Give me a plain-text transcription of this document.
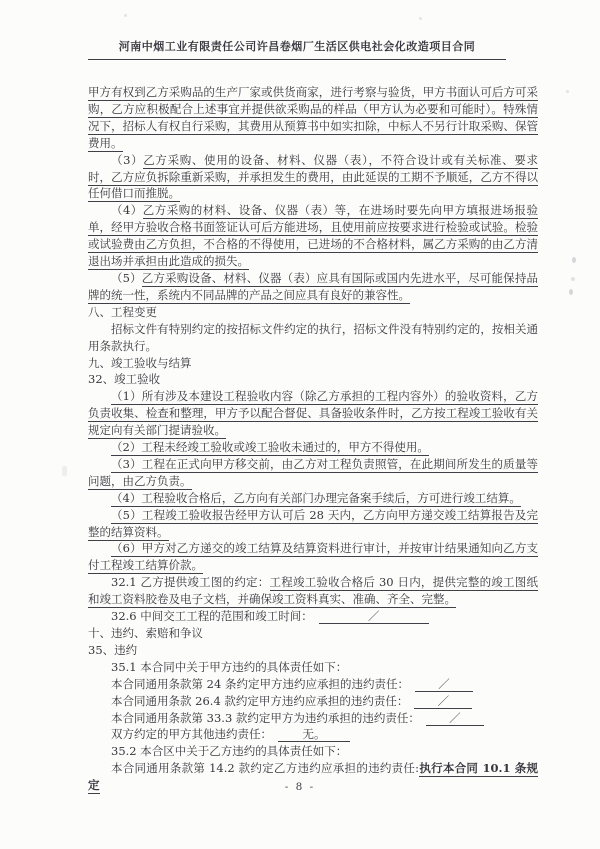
河南中烟工业有限责任公司许昌卷烟厂生活区供电社会化改造项目合同

甲方有权到乙方采购品的生产厂家或供货商家，进行考察与验货，甲方书面认可后方可采购，乙方应积极配合上述事宜并提供欲采购品的样品（甲方认为必要和可能时）。特殊情况下，招标人有权自行采购，其费用从预算书中如实扣除，中标人不另行计取采购、保管费用。

（3）乙方采购、使用的设备、材料、仪器（表），不符合设计或有关标准、要求时，乙方应负拆除重新采购，并承担发生的费用，由此延误的工期不予顺延，乙方不得以任何借口而推脱。

（4）乙方采购的材料、设备、仪器（表）等，在进场时要先向甲方填报进场报验单，经甲方验收合格书面签证认可后方能进场，且使用前应按要求进行检验或试验。检验或试验费由乙方负担，不合格的不得使用，已进场的不合格材料，属乙方采购的由乙方清退出场并承担由此造成的损失。

（5）乙方采购设备、材料、仪器（表）应具有国际或国内先进水平，尽可能保持品牌的统一性，系统内不同品牌的产品之间应具有良好的兼容性。

八、工程变更

招标文件有特别约定的按招标文件约定的执行，招标文件没有特别约定的，按相关通用条款执行。

九、竣工验收与结算

32、竣工验收

（1）所有涉及本建设工程验收内容（除乙方承担的工程内容外）的验收资料，乙方负责收集、检查和整理，甲方予以配合督促、具备验收条件时，乙方按工程竣工验收有关规定向有关部门提请验收。

（2）工程未经竣工验收或竣工验收未通过的，甲方不得使用。

（3）工程在正式向甲方移交前，由乙方对工程负责照管，在此期间所发生的质量等问题，由乙方负责。

（4）工程验收合格后，乙方向有关部门办理完备案手续后，方可进行竣工结算。

（5）工程竣工验收报告经甲方认可后 28 天内，乙方向甲方递交竣工结算报告及完整的结算资料。

（6）甲方对乙方递交的竣工结算及结算资料进行审计，并按审计结果通知向乙方支付工程竣工结算价款。

32.1 乙方提供竣工图的约定：工程竣工验收合格后 30 日内，提供完整的竣工图纸和竣工资料胶卷及电子文档，并确保竣工资料真实、准确、齐全、完整。

32.6 中间交工工程的范围和竣工时间：	／

十、违约、索赔和争议

35、违约

35.1 本合同中关于甲方违约的具体责任如下：

本合同通用条款第 24 条约定甲方违约应承担的违约责任：	／

本合同通用条款 26.4 款约定甲方违约应承担的违约责任：	／

本合同通用条款第 33.3 款约定甲方为违约承担的违约责任：	／

双方约定的甲方其他违约责任：	无。

35.2 本合区中关于乙方违约的具体责任如下：

本合同通用条款第 14.2 款约定乙方违约应承担的违约责任:执行本合同 10.1 条规定	- 8 -
